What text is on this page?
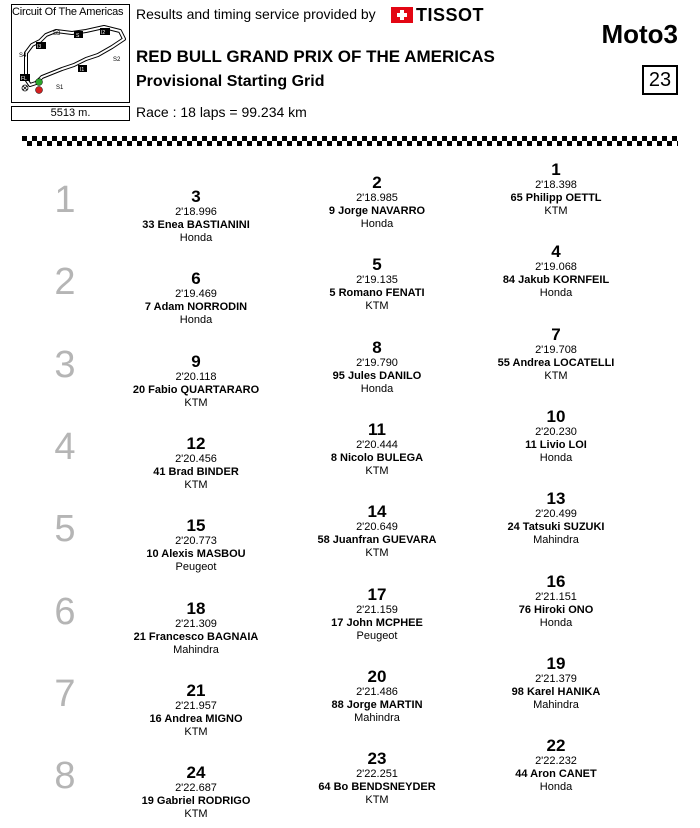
S3
S2
S4
S1
S	I2
I3
I1
FL
Circuit Of The Americas
5513 m.
Results and timing service provided by TISSOT
RED BULL GRAND PRIX OF THE AMERICAS
Provisional Starting Grid
Race : 18 laps = 99.234 km
Moto3
23
1	3
2'18.996
33 Enea BASTIANINI
Honda
2
2'18.985
9 Jorge NAVARRO
Honda
1
2'18.398
65 Philipp OETTL
KTM
2	6
2'19.469
7 Adam NORRODIN
Honda
5
2'19.135
5 Romano FENATI
KTM
4
2'19.068
84 Jakub KORNFEIL
Honda
3	9
2'20.118
20 Fabio QUARTARARO
KTM
8
2'19.790
95 Jules DANILO
Honda
7
2'19.708
55 Andrea LOCATELLI
KTM
4	12
2'20.456
41 Brad BINDER
KTM
11
2'20.444
8 Nicolo BULEGA
KTM
10
2'20.230
11 Livio LOI
Honda
5	15
2'20.773
10 Alexis MASBOU
Peugeot
14
2'20.649
58 Juanfran GUEVARA
KTM
13
2'20.499
24 Tatsuki SUZUKI
Mahindra
6	18
2'21.309
21 Francesco BAGNAIA
Mahindra
17
2'21.159
17 John MCPHEE
Peugeot
16
2'21.151
76 Hiroki ONO
Honda
7	21
2'21.957
16 Andrea MIGNO
KTM
20
2'21.486
88 Jorge MARTIN
Mahindra
19
2'21.379
98 Karel HANIKA
Mahindra
8	24
2'22.687
19 Gabriel RODRIGO
KTM
23
2'22.251
64 Bo BENDSNEYDER
KTM
22
2'22.232
44 Aron CANET
Honda
